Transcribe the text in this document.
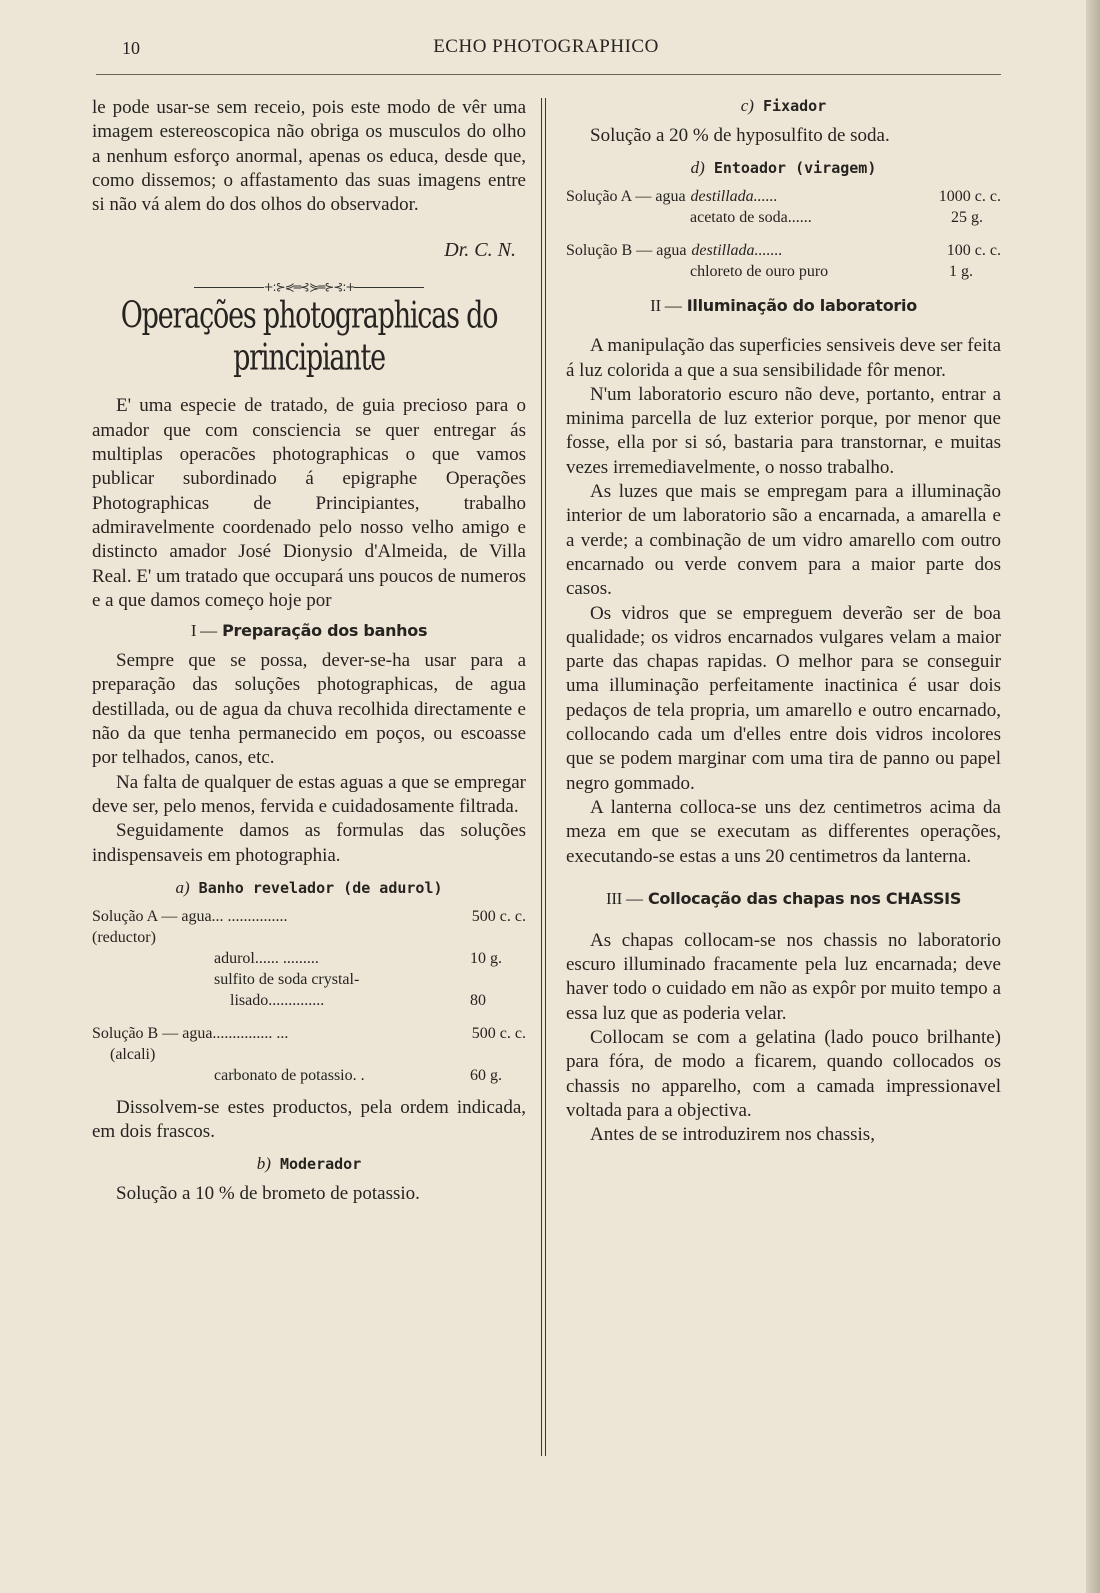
10	ECHO PHOTOGRAPHICO

le pode usar-se sem receio, pois este modo de vêr uma imagem estereoscopica não obriga os musculos do olho a nenhum esforço anormal, apenas os educa, desde que, como dissemos; o affastamento das suas imagens entre si não vá alem do dos olhos do observador.

Dr. C. N.
+:⊱⋞═⊰⋟═⊱⊰:+
Operações photographicas do principiante

E' uma especie de tratado, de guia precioso para o amador que com consciencia se quer entregar ás multiplas operacões photographicas o que vamos publicar subordinado á epigraphe Operações Photographicas de Principiantes, trabalho admiravelmente coordenado pelo nosso velho amigo e distincto amador José Dionysio d'Almeida, de Villa Real. E' um tratado que occupará uns poucos de numeros e a que damos começo hoje por

I — Preparação dos banhos

Sempre que se possa, dever-se-ha usar para a preparação das soluções photographicas, de agua destillada, ou de agua da chuva recolhida directamente e não da que tenha permanecido em poços, ou escoasse por telhados, canos, etc.

Na falta de qualquer de estas aguas a que se empregar deve ser, pelo menos, fervida e cuidadosamente filtrada.

Seguidamente damos as formulas das soluções indispensaveis em photographia.

a) Banho revelador (de adurol)
Solução A — agua ... ...............	500 c. c.
(reductor)
adurol...... .........	10 g.
sulfito de soda crystal-
lisado..............	80
Solução B — agua ............... ...	500 c. c.
(alcali)
carbonato de potassio. .	60 g.

Dissolvem-se estes productos, pela ordem indicada, em dois frascos.

b) Moderador

Solução a 10 % de brometo de potassio.

c) Fixador

Solução a 20 % de hyposulfito de soda.

d) Entoador (viragem)
Solução A — agua destillada......	1000 c. c.
acetato de soda......	25 g.
Solução B — agua destillada.......	100 c. c.
chloreto de ouro puro	1 g.
II — Illuminação do laboratorio

A manipulação das superficies sensiveis deve ser feita á luz colorida a que a sua sensibilidade fôr menor.

N'um laboratorio escuro não deve, portanto, entrar a minima parcella de luz exterior porque, por menor que fosse, ella por si só, bastaria para transtornar, e muitas vezes irremediavelmente, o nosso trabalho.

As luzes que mais se empregam para a illuminação interior de um laboratorio são a encarnada, a amarella e a verde; a combinação de um vidro amarello com outro encarnado ou verde convem para a maior parte dos casos.

Os vidros que se empreguem deverão ser de boa qualidade; os vidros encarnados vulgares velam a maior parte das chapas rapidas. O melhor para se conseguir uma illuminação perfeitamente inactinica é usar dois pedaços de tela propria, um amarello e outro encarnado, collocando cada um d'elles entre dois vidros incolores que se podem marginar com uma tira de panno ou papel negro gommado.

A lanterna colloca-se uns dez centimetros acima da meza em que se executam as differentes operações, executando-se estas a uns 20 centimetros da lanterna.

III — Collocação das chapas nos CHASSIS

As chapas collocam-se nos chassis no laboratorio escuro illuminado fracamente pela luz encarnada; deve haver todo o cuidado em não as expôr por muito tempo a essa luz que as poderia velar.

Collocam se com a gelatina (lado pouco brilhante) para fóra, de modo a ficarem, quando collocados os chassis no apparelho, com a camada impressionavel voltada para a objectiva.

Antes de se introduzirem nos chassis,
